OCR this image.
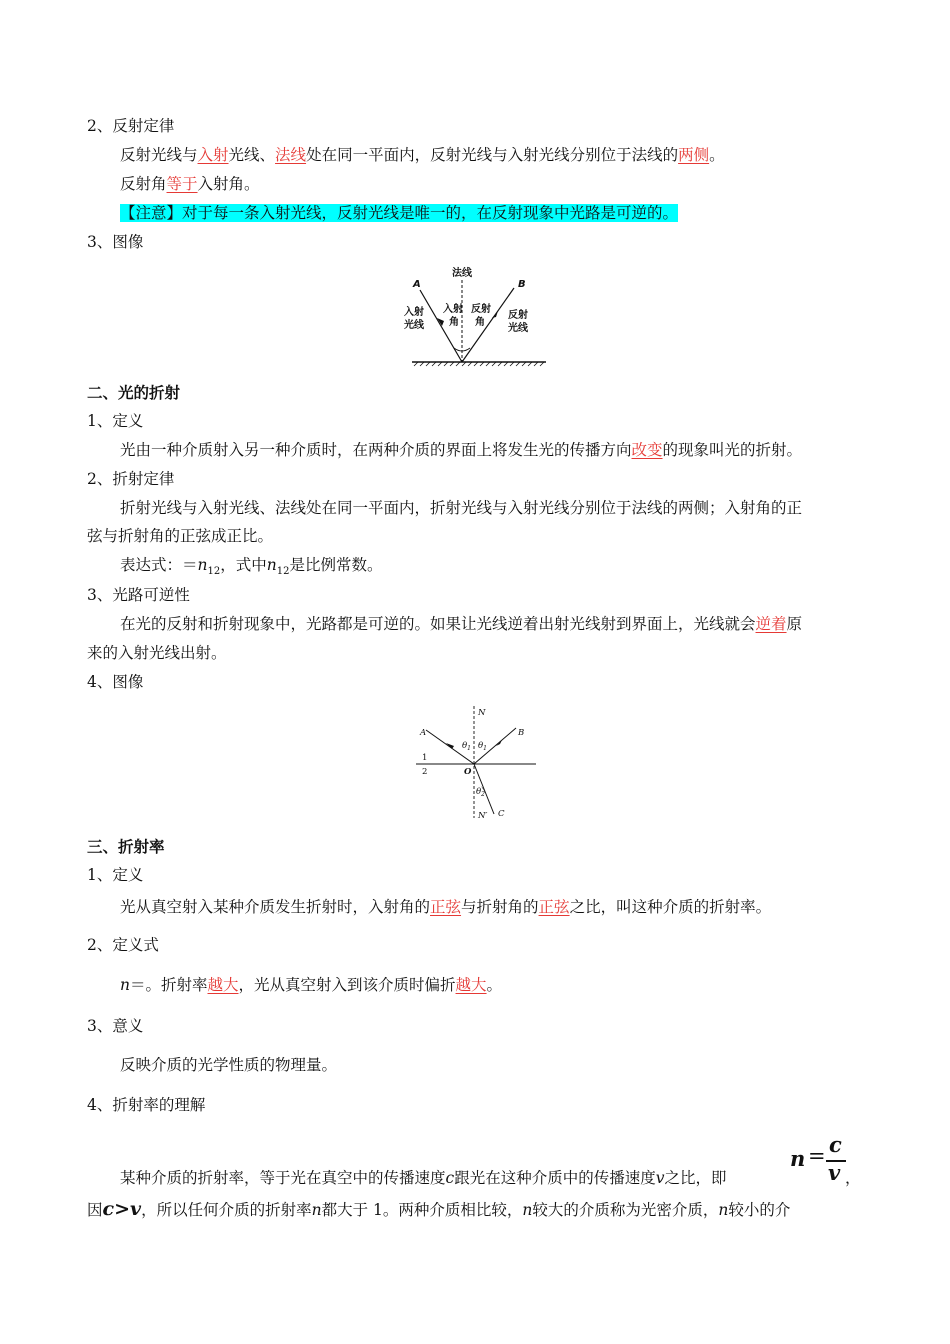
2、反射定律
反射光线与入射光线、法线处在同一平面内，反射光线与入射光线分别位于法线的两侧。
反射角等于入射角。
【注意】对于每一条入射光线，反射光线是唯一的，在反射现象中光路是可逆的。
3、图像
法线
A	B
入射
光线
入射
角
反射
角
反射
光线
二、光的折射
1、定义
光由一种介质射入另一种介质时，在两种介质的界面上将发生光的传播方向改变的现象叫光的折射。
2、折射定律
折射光线与入射光线、法线处在同一平面内，折射光线与入射光线分别位于法线的两侧；入射角的正
弦与折射角的正弦成正比。
表达式：$=n_{12}$，式中$n_{12}$是比例常数。
3、光路可逆性
在光的反射和折射现象中，光路都是可逆的。如果让光线逆着出射光线射到界面上，光线就会逆着原
来的入射光线出射。
4、图像
N
A	B
1
2	O
$\theta_1$ $\theta_1$
$\theta_2$
N′ C
三、折射率
1、定义
光从真空射入某种介质发生折射时，入射角的正弦与折射角的正弦之比，叫这种介质的折射率。
2、定义式
n＝。折射率越大，光从真空射入到该介质时偏折越大。
3、意义
反映介质的光学性质的物理量。
4、折射率的理解
某种介质的折射率，等于光在真空中的传播速度c跟光在这种介质中的传播速度v之比，即
n = c
v ，
因c>v，所以任何介质的折射率n都大于 1。两种介质相比较，n较大的介质称为光密介质，n较小的介
